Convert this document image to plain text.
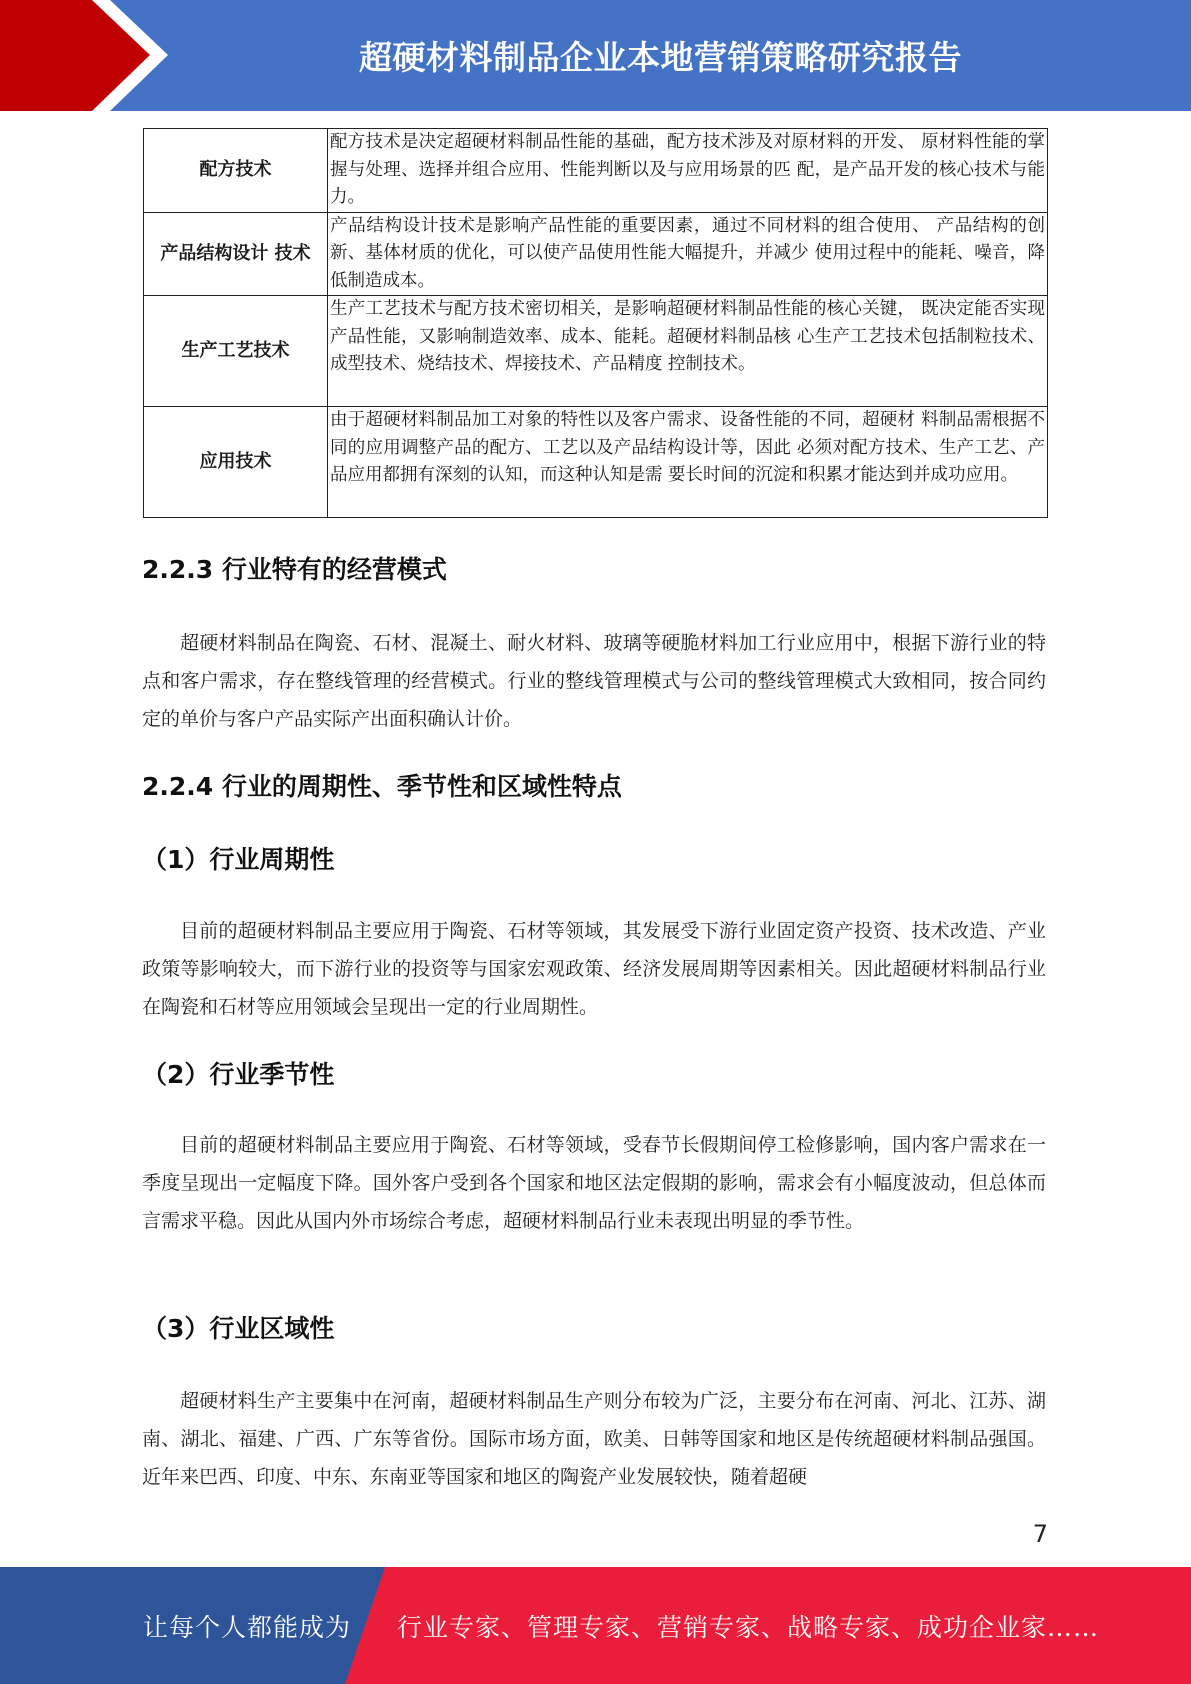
超硬材料制品企业本地营销策略研究报告
配方技术	配方技术是决定超硬材料制品性能的基础，配方技术涉及对原材料的开发、 原材料性能的掌握与处理、选择并组合应用、性能判断以及与应用场景的匹 配，是产品开发的核心技术与能力。
产品结构设计 技术	产品结构设计技术是影响产品性能的重要因素，通过不同材料的组合使用、 产品结构的创新、基体材质的优化，可以使产品使用性能大幅提升，并减少 使用过程中的能耗、噪音，降低制造成本。
生产工艺技术	生产工艺技术与配方技术密切相关，是影响超硬材料制品性能的核心关键， 既决定能否实现产品性能，又影响制造效率、成本、能耗。超硬材料制品核 心生产工艺技术包括制粒技术、成型技术、烧结技术、焊接技术、产品精度 控制技术。
应用技术	由于超硬材料制品加工对象的特性以及客户需求、设备性能的不同，超硬材 料制品需根据不同的应用调整产品的配方、工艺以及产品结构设计等，因此 必须对配方技术、生产工艺、产品应用都拥有深刻的认知，而这种认知是需 要长时间的沉淀和积累才能达到并成功应用。
2.2.3 行业特有的经营模式
超硬材料制品在陶瓷、石材、混凝土、耐火材料、玻璃等硬脆材料加工行业应用中，根据下游行业的特点和客户需求，存在整线管理的经营模式。行业的整线管理模式与公司的整线管理模式大致相同，按合同约定的单价与客户产品实际产出面积确认计价。
2.2.4 行业的周期性、季节性和区域性特点
（1）行业周期性
目前的超硬材料制品主要应用于陶瓷、石材等领域，其发展受下游行业固定资产投资、技术改造、产业政策等影响较大，而下游行业的投资等与国家宏观政策、经济发展周期等因素相关。因此超硬材料制品行业在陶瓷和石材等应用领域会呈现出一定的行业周期性。
（2）行业季节性
目前的超硬材料制品主要应用于陶瓷、石材等领域，受春节长假期间停工检修影响，国内客户需求在一季度呈现出一定幅度下降。国外客户受到各个国家和地区法定假期的影响，需求会有小幅度波动，但总体而言需求平稳。因此从国内外市场综合考虑，超硬材料制品行业未表现出明显的季节性。
（3）行业区域性
超硬材料生产主要集中在河南，超硬材料制品生产则分布较为广泛，主要分布在河南、河北、江苏、湖南、湖北、福建、广西、广东等省份。国际市场方面，欧美、日韩等国家和地区是传统超硬材料制品强国。近年来巴西、印度、中东、东南亚等国家和地区的陶瓷产业发展较快，随着超硬
7
让每个人都能成为 行业专家、管理专家、营销专家、战略专家、成功企业家……
